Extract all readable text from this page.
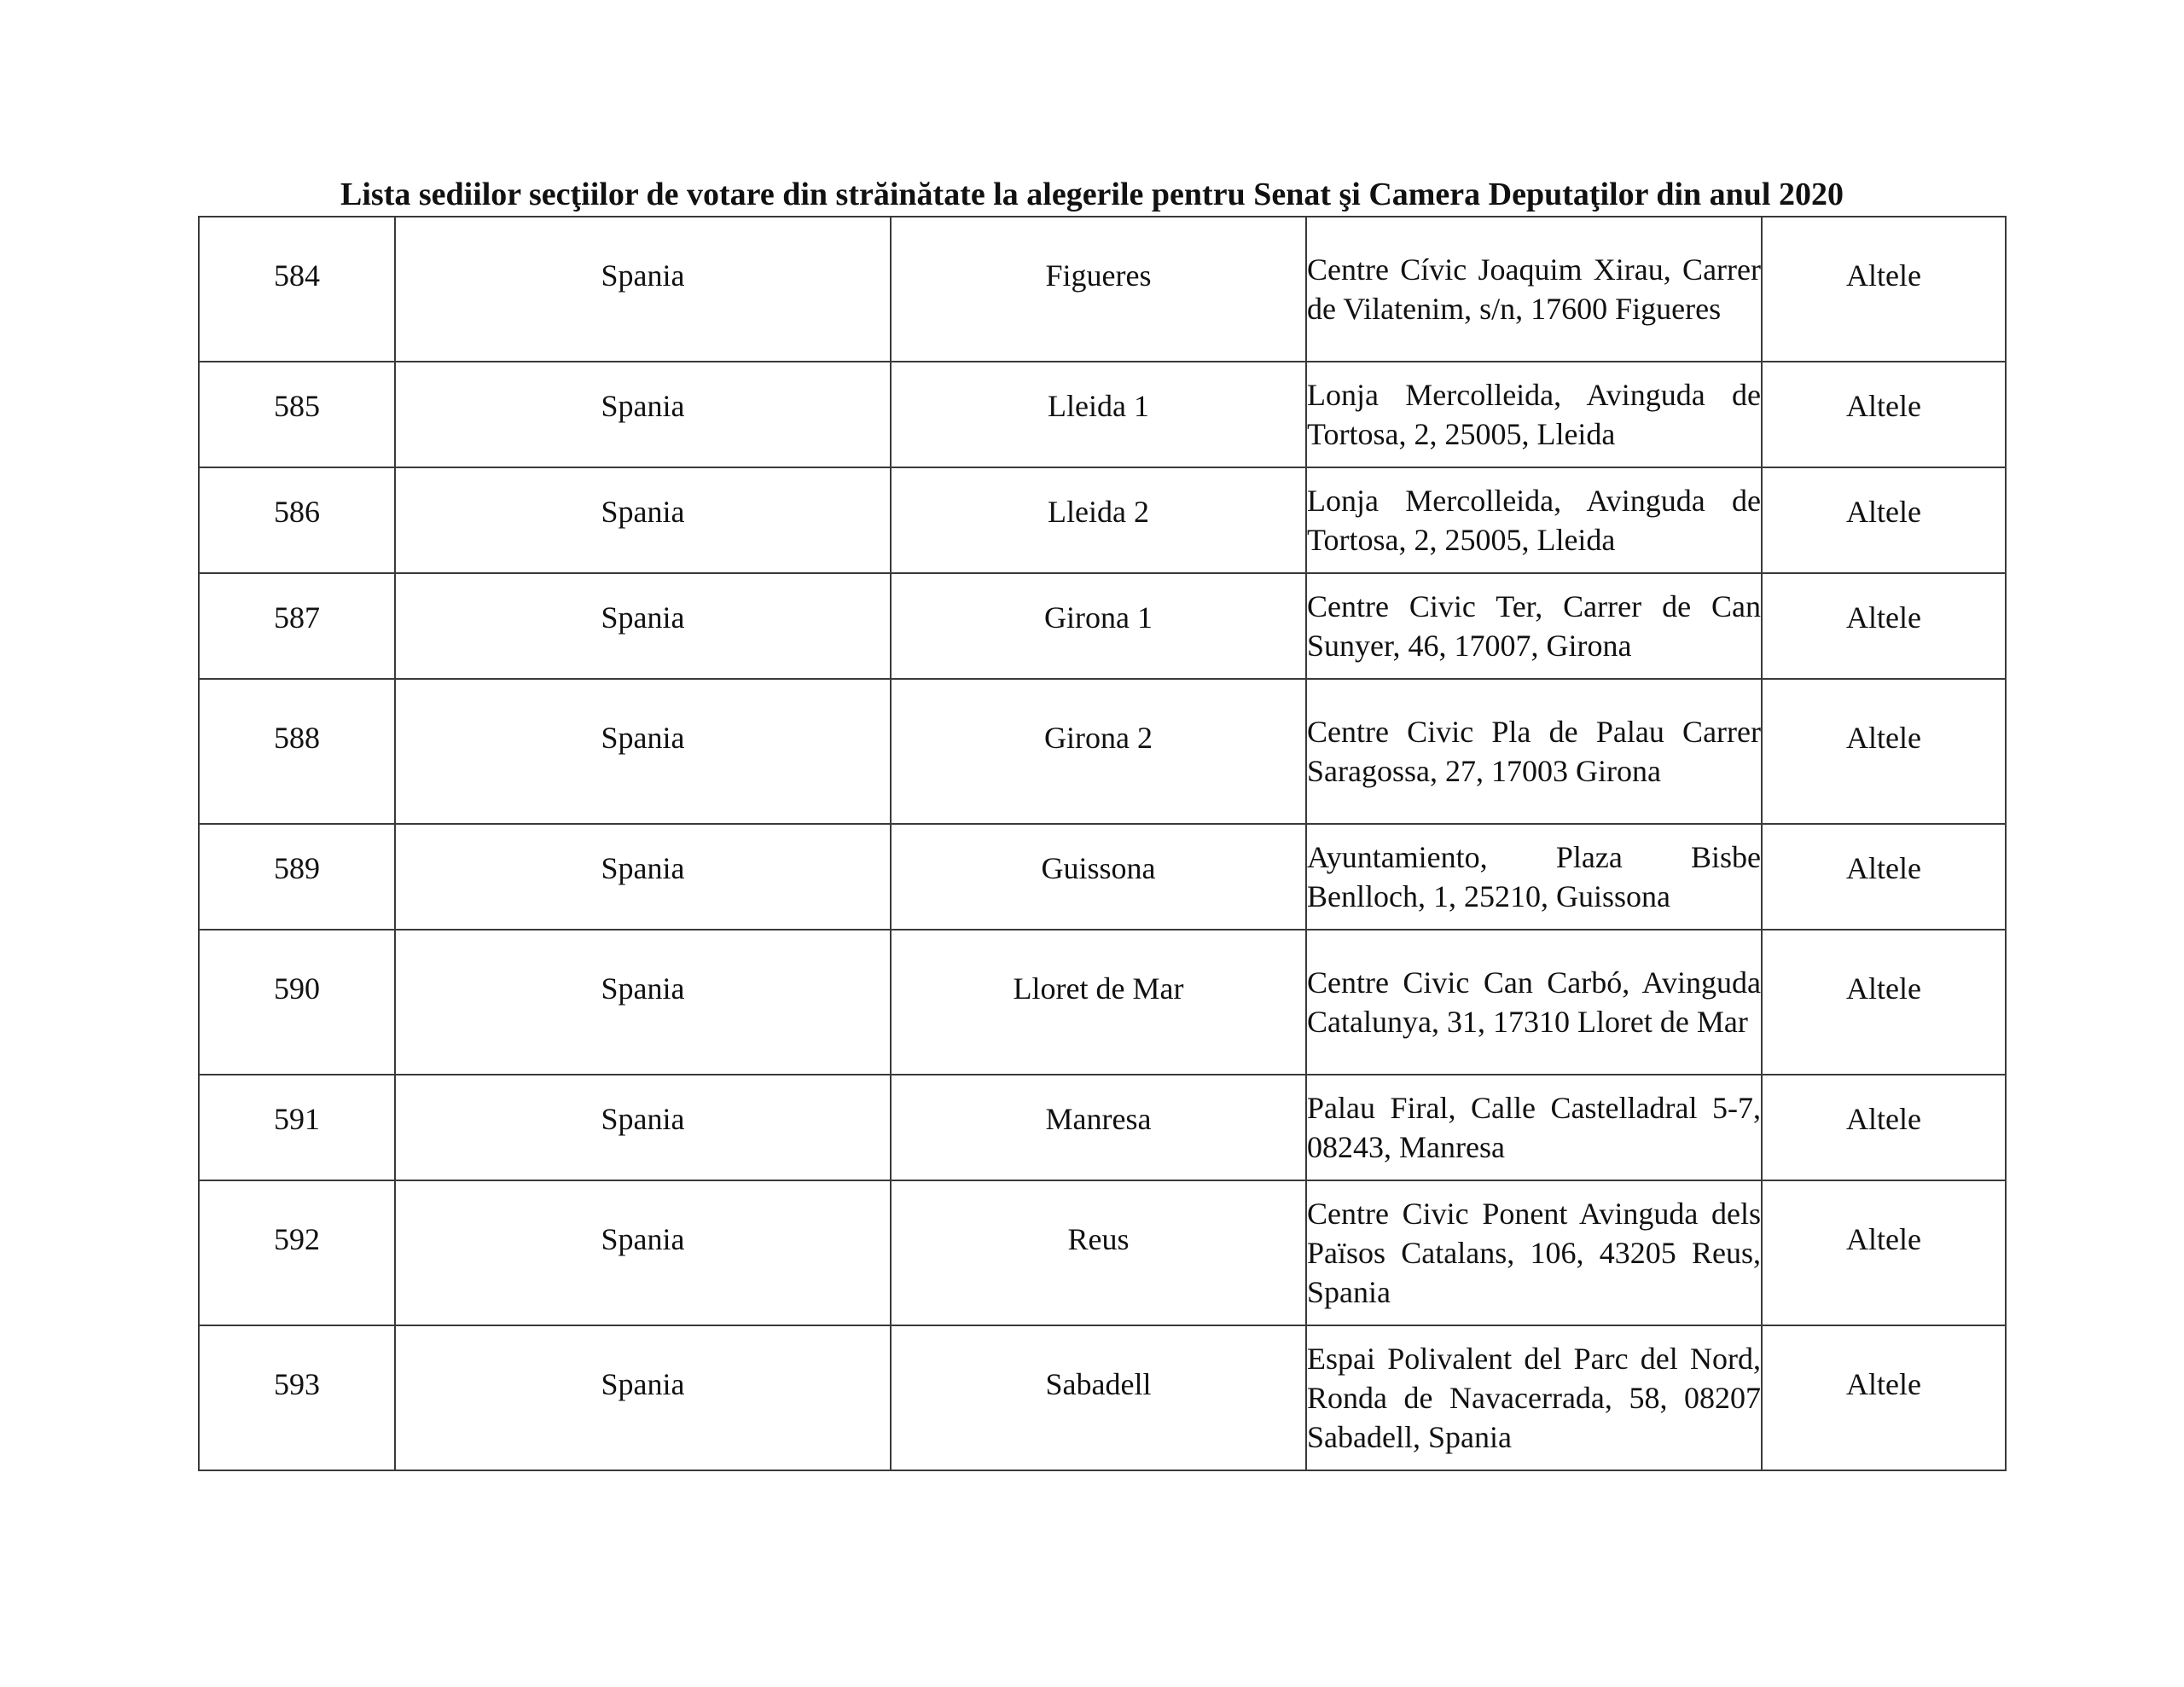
Lista sediilor secţiilor de votare din străinătate la alegerile pentru Senat şi Camera Deputaţilor din anul 2020
584	Spania	Figueres	Centre Cívic Joaquim Xirau, Carrer de Vilatenim, s/n, 17600 Figueres	Altele
585	Spania	Lleida 1	Lonja Mercolleida, Avinguda de Tortosa, 2, 25005, Lleida	Altele
586	Spania	Lleida 2	Lonja Mercolleida, Avinguda de Tortosa, 2, 25005, Lleida	Altele
587	Spania	Girona 1	Centre Civic Ter, Carrer de Can Sunyer, 46, 17007, Girona	Altele
588	Spania	Girona 2	Centre Civic Pla de Palau Carrer Saragossa, 27, 17003 Girona	Altele
589	Spania	Guissona	Ayuntamiento, Plaza Bisbe Benlloch, 1, 25210, Guissona	Altele
590	Spania	Lloret de Mar	Centre Civic Can Carbó, Avinguda Catalunya, 31, 17310 Lloret de Mar	Altele
591	Spania	Manresa	Palau Firal, Calle Castelladral 5-7, 08243, Manresa	Altele
592	Spania	Reus	Centre Civic Ponent Avinguda dels Països Catalans, 106, 43205 Reus, Spania	Altele
593	Spania	Sabadell	Espai Polivalent del Parc del Nord, Ronda de Navacerrada, 58, 08207 Sabadell, Spania	Altele
